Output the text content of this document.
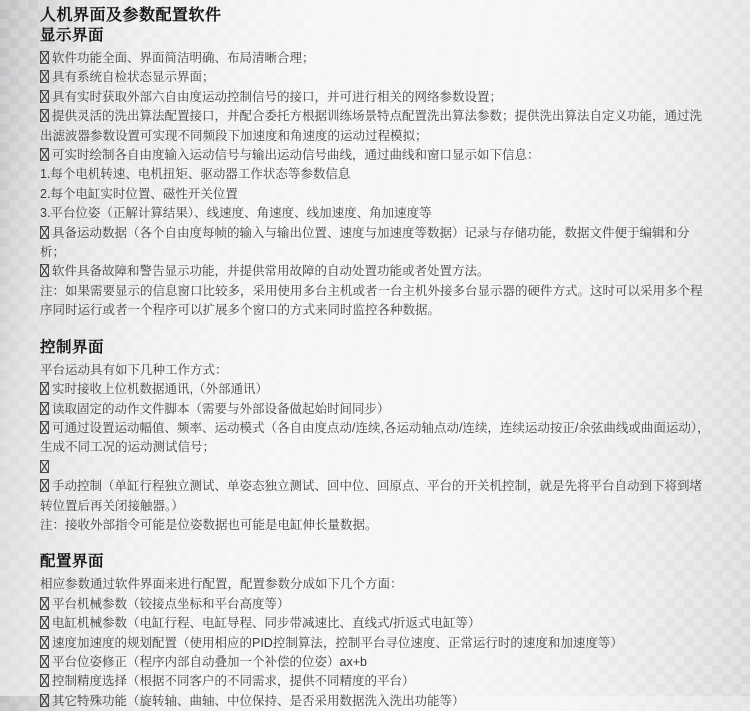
人机界面及参数配置软件
显示界面

软件功能全面、界面简洁明确、布局清晰合理；

具有系统自检状态显示界面；

具有实时获取外部六自由度运动控制信号的接口，并可进行相关的网络参数设置；

提供灵活的洗出算法配置接口，并配合委托方根据训练场景特点配置洗出算法参数；提供洗出算法自定义功能，通过洗出滤波器参数设置可实现不同频段下加速度和角速度的运动过程模拟；

可实时绘制各自由度输入运动信号与输出运动信号曲线，通过曲线和窗口显示如下信息：

1.每个电机转速、电机扭矩、驱动器工作状态等参数信息

2.每个电缸实时位置、磁性开关位置

3.平台位姿（正解计算结果）、线速度、角速度、线加速度、角加速度等

具备运动数据（各个自由度每帧的输入与输出位置、速度与加速度等数据）记录与存储功能，数据文件便于编辑和分析；

软件具备故障和警告显示功能，并提供常用故障的自动处置功能或者处置方法。

注：如果需要显示的信息窗口比较多，采用使用多台主机或者一台主机外接多台显示器的硬件方式。这时可以采用多个程序同时运行或者一个程序可以扩展多个窗口的方式来同时监控各种数据。

控制界面

平台运动具有如下几种工作方式：

实时接收上位机数据通讯,（外部通讯）

读取固定的动作文件脚本（需要与外部设备做起始时间同步）

可通过设置运动幅值、频率、运动模式（各自由度点动/连续,各运动轴点动/连续，连续运动按正/余弦曲线或曲面运动），生成不同工况的运动测试信号；

手动控制（单缸行程独立测试、单姿态独立测试、回中位、回原点、平台的开关机控制，就是先将平台自动到下将到堵转位置后再关闭接触器。）

注：接收外部指令可能是位姿数据也可能是电缸伸长量数据。

配置界面

相应参数通过软件界面来进行配置，配置参数分成如下几个方面：

平台机械参数（铰接点坐标和平台高度等）

电缸机械参数（电缸行程、电缸导程、同步带减速比、直线式/折返式电缸等）

速度加速度的规划配置（使用相应的PID控制算法，控制平台寻位速度、正常运行时的速度和加速度等）

平台位姿修正（程序内部自动叠加一个补偿的位姿）ax+b

控制精度选择（根据不同客户的不同需求，提供不同精度的平台）

其它特殊功能（旋转轴、曲轴、中位保持、是否采用数据洗入洗出功能等）
